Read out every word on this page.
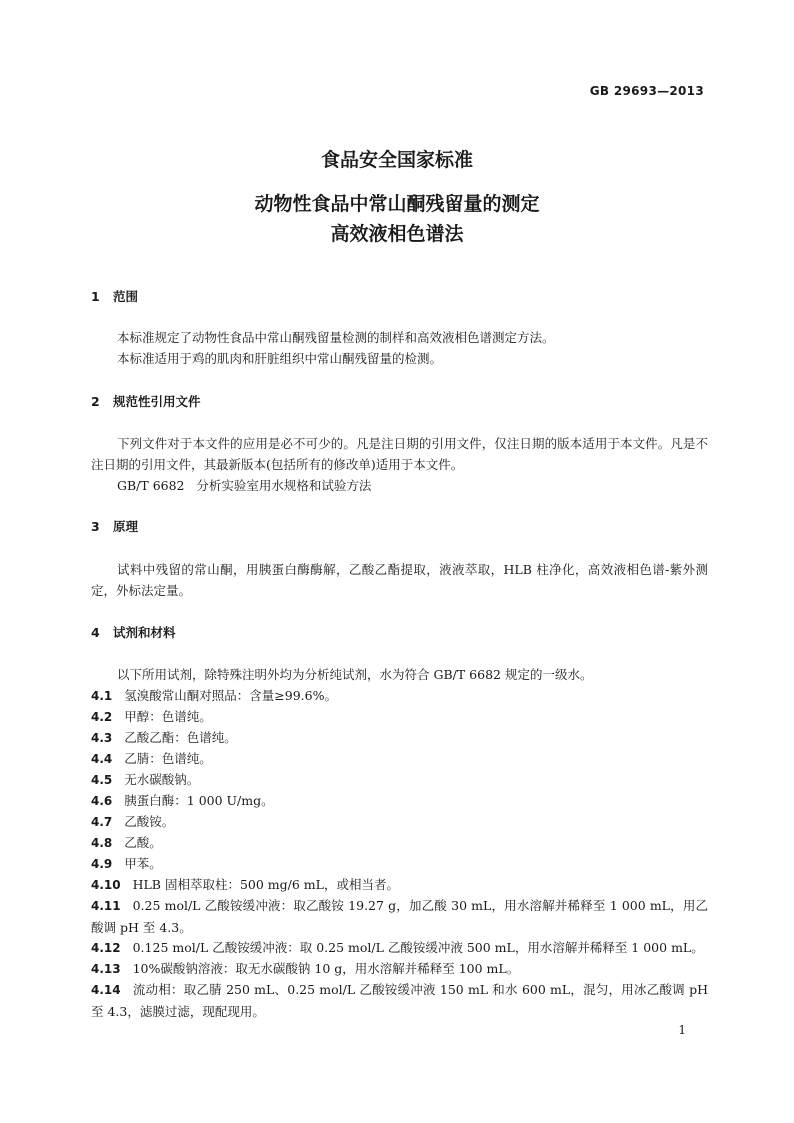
GB 29693—2013
食品安全国家标准
动物性食品中常山酮残留量的测定
高效液相色谱法
1 范围
本标准规定了动物性食品中常山酮残留量检测的制样和高效液相色谱测定方法。
本标准适用于鸡的肌肉和肝脏组织中常山酮残留量的检测。
2 规范性引用文件
下列文件对于本文件的应用是必不可少的。凡是注日期的引用文件，仅注日期的版本适用于本文件。凡是不注日期的引用文件，其最新版本(包括所有的修改单)适用于本文件。
GB/T 6682   分析实验室用水规格和试验方法
3 原理
试料中残留的常山酮，用胰蛋白酶酶解，乙酸乙酯提取，液液萃取，HLB 柱净化，高效液相色谱-紫外测定，外标法定量。
4 试剂和材料
以下所用试剂，除特殊注明外均为分析纯试剂，水为符合 GB/T 6682 规定的一级水。
4.1 氢溴酸常山酮对照品：含量≥99.6%。
4.2 甲醇：色谱纯。
4.3 乙酸乙酯：色谱纯。
4.4 乙腈：色谱纯。
4.5 无水碳酸钠。
4.6 胰蛋白酶：1 000 U/mg。
4.7 乙酸铵。
4.8 乙酸。
4.9 甲苯。
4.10 HLB 固相萃取柱：500 mg/6 mL，或相当者。
4.11 0.25 mol/L 乙酸铵缓冲液：取乙酸铵 19.27 g，加乙酸 30 mL，用水溶解并稀释至 1 000 mL，用乙酸调 pH 至 4.3。
4.12 0.125 mol/L 乙酸铵缓冲液：取 0.25 mol/L 乙酸铵缓冲液 500 mL，用水溶解并稀释至 1 000 mL。
4.13 10%碳酸钠溶液：取无水碳酸钠 10 g，用水溶解并稀释至 100 mL。
4.14 流动相：取乙腈 250 mL、0.25 mol/L 乙酸铵缓冲液 150 mL 和水 600 mL，混匀，用冰乙酸调 pH 至 4.3，滤膜过滤，现配现用。
1
